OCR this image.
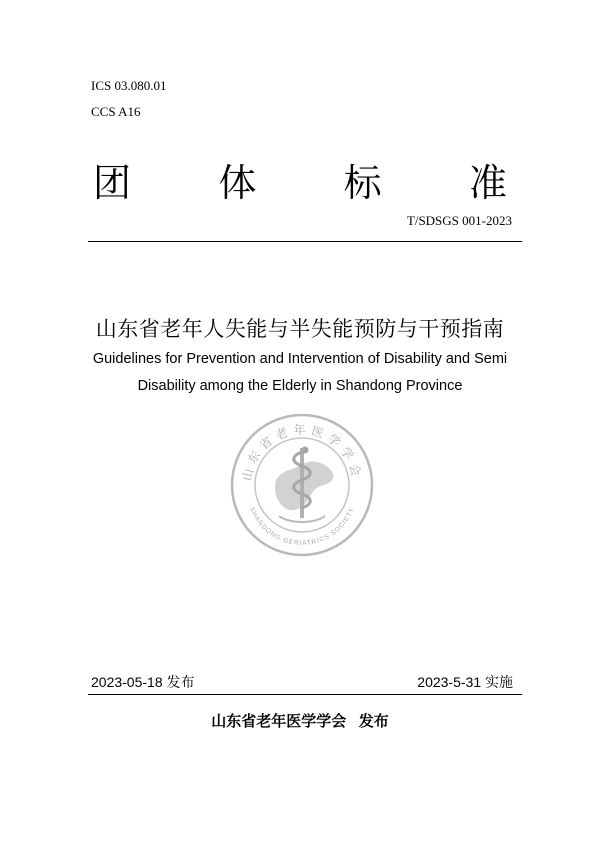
ICS 03.080.01
CCS A16
团 体 标 准
T/SDSGS 001-2023
山东省老年人失能与半失能预防与干预指南
Guidelines for Prevention and Intervention of Disability and Semi
Disability among the Elderly in Shandong Province
山东省老年医学学会
SHANDONG GERIATRICS SOCIETY
2023-05-18 发布	2023-5-31 实施
山东省老年医学学会   发布
